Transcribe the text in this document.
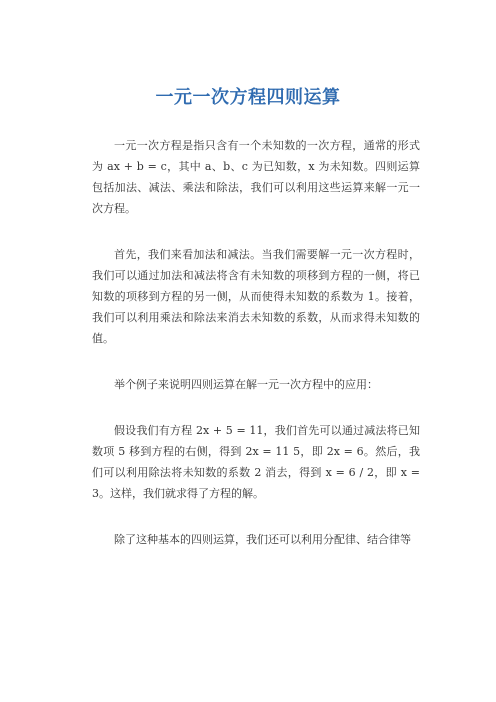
一元一次方程四则运算

一元一次方程是指只含有一个未知数的一次方程，通常的形式为 ax + b = c，其中 a、b、c 为已知数，x 为未知数。四则运算包括加法、减法、乘法和除法，我们可以利用这些运算来解一元一次方程。

首先，我们来看加法和减法。当我们需要解一元一次方程时，我们可以通过加法和减法将含有未知数的项移到方程的一侧，将已知数的项移到方程的另一侧，从而使得未知数的系数为 1。接着，我们可以利用乘法和除法来消去未知数的系数，从而求得未知数的值。

举个例子来说明四则运算在解一元一次方程中的应用：

假设我们有方程 2x + 5 = 11，我们首先可以通过减法将已知数项 5 移到方程的右侧，得到 2x = 11 5，即 2x = 6。然后，我们可以利用除法将未知数的系数 2 消去，得到 x = 6 / 2，即 x = 3。这样，我们就求得了方程的解。

除了这种基本的四则运算，我们还可以利用分配律、结合律等
